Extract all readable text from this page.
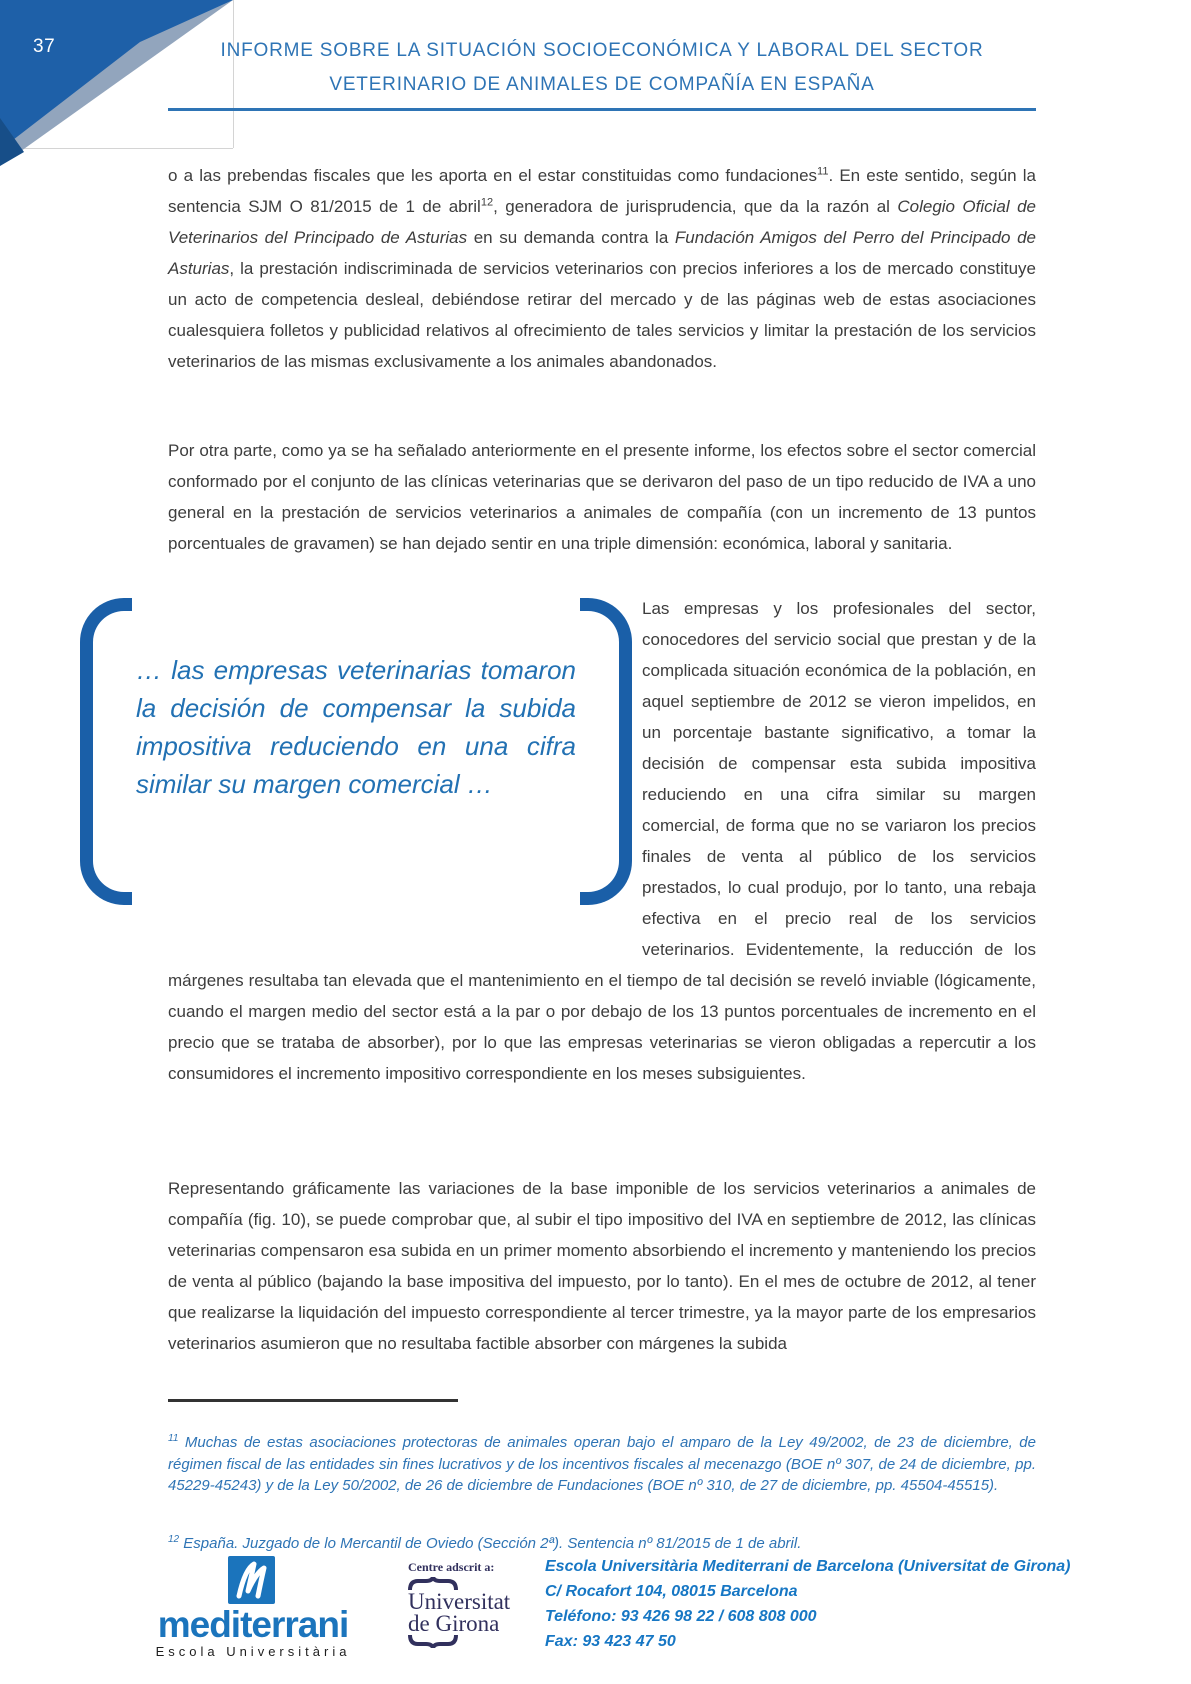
37	INFORME SOBRE LA SITUACIÓN SOCIOECONÓMICA Y LABORAL DEL SECTOR
VETERINARIO DE ANIMALES DE COMPAÑÍA EN ESPAÑA

o a las prebendas fiscales que les aporta en el estar constituidas como fundaciones$^{11}$. En este sentido, según la sentencia SJM O 81/2015 de 1 de abril$^{12}$, generadora de jurisprudencia, que da la razón al Colegio Oficial de Veterinarios del Principado de Asturias en su demanda contra la Fundación Amigos del Perro del Principado de Asturias, la prestación indiscriminada de servicios veterinarios con precios inferiores a los de mercado constituye un acto de competencia desleal, debiéndose retirar del mercado y de las páginas web de estas asociaciones cualesquiera folletos y publicidad relativos al ofrecimiento de tales servicios y limitar la prestación de los servicios veterinarios de las mismas exclusivamente a los animales abandonados.

Por otra parte, como ya se ha señalado anteriormente en el presente informe, los efectos sobre el sector comercial conformado por el conjunto de las clínicas veterinarias que se derivaron del paso de un tipo reducido de IVA a uno general en la prestación de servicios veterinarios a animales de compañía (con un incremento de 13 puntos porcentuales de gravamen) se han dejado sentir en una triple dimensión: económica, laboral y sanitaria.

… las empresas veterinarias tomaron la decisión de compensar la subida impositiva reduciendo en una cifra similar su margen comercial …
Las empresas y los profesionales del sector, conocedores del servicio social que prestan y de la complicada situación económica de la población, en aquel septiembre de 2012 se vieron impelidos, en un porcentaje bastante significativo, a tomar la decisión de compensar esta subida impositiva reduciendo en una cifra similar su margen comercial, de forma que no se variaron los precios finales de venta al público de los servicios prestados, lo cual produjo, por lo tanto, una rebaja efectiva en el precio real de los servicios veterinarios. Evidentemente, la reducción de los márgenes resultaba tan elevada que el mantenimiento en el tiempo de tal decisión se reveló inviable (lógicamente, cuando el margen medio del sector está a la par o por debajo de los 13 puntos porcentuales de incremento en el precio que se trataba de absorber), por lo que las empresas veterinarias se vieron obligadas a repercutir a los consumidores el incremento impositivo correspondiente en los meses subsiguientes.

Representando gráficamente las variaciones de la base imponible de los servicios veterinarios a animales de compañía (fig. 10), se puede comprobar que, al subir el tipo impositivo del IVA en septiembre de 2012, las clínicas veterinarias compensaron esa subida en un primer momento absorbiendo el incremento y manteniendo los precios de venta al público (bajando la base impositiva del impuesto, por lo tanto). En el mes de octubre de 2012, al tener que realizarse la liquidación del impuesto correspondiente al tercer trimestre, ya la mayor parte de los empresarios veterinarios asumieron que no resultaba factible absorber con márgenes la subida

$^{11}$ Muchas de estas asociaciones protectoras de animales operan bajo el amparo de la Ley 49/2002, de 23 de diciembre, de régimen fiscal de las entidades sin fines lucrativos y de los incentivos fiscales al mecenazgo (BOE nº 307, de 24 de diciembre, pp. 45229-45243) y de la Ley 50/2002, de 26 de diciembre de Fundaciones (BOE nº 310, de 27 de diciembre, pp. 45504-45515).

$^{12}$ España. Juzgado de lo Mercantil de Oviedo (Sección 2ª). Sentencia nº 81/2015 de 1 de abril.

mediterrani
Escola Universitària

Centre adscrit a:

Universitat
de Girona
Escola Universitària Mediterrani de Barcelona (Universitat de Girona)
C/ Rocafort 104, 08015 Barcelona
Teléfono: 93 426 98 22 / 608 808 000
Fax: 93 423 47 50
